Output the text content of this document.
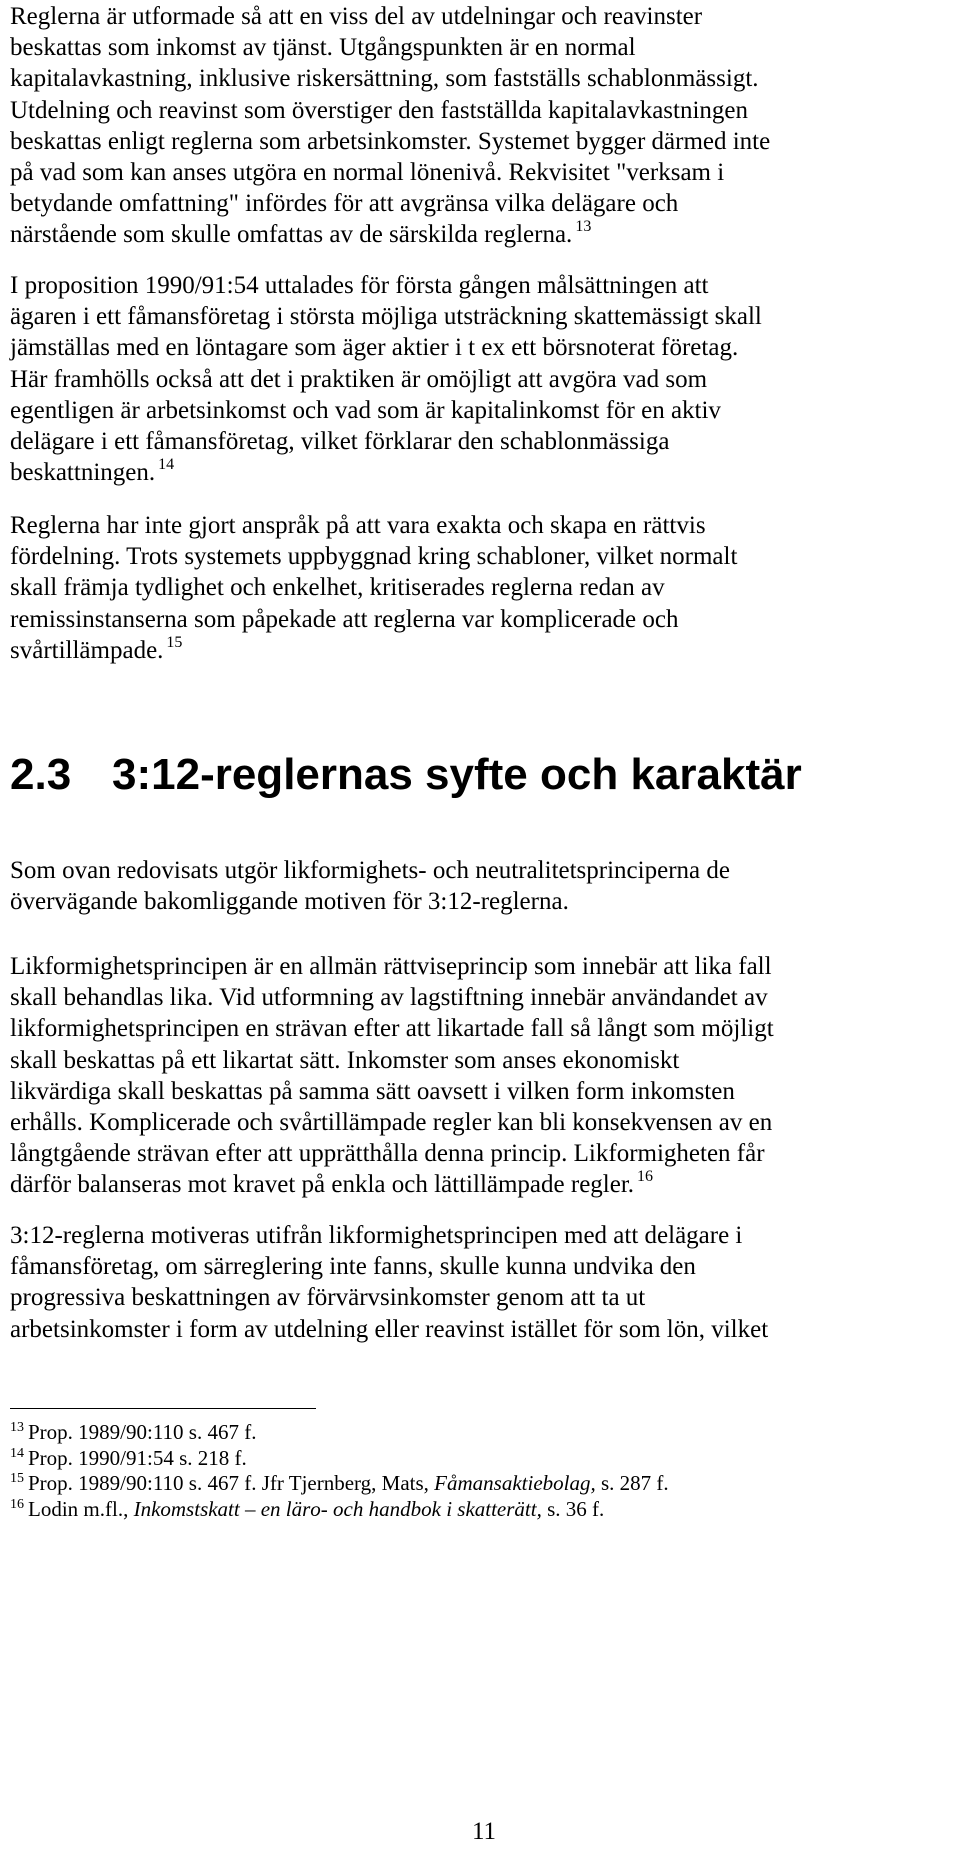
Reglerna är utformade så att en viss del av utdelningar och reavinster
beskattas som inkomst av tjänst. Utgångspunkten är en normal
kapitalavkastning, inklusive riskersättning, som fastställs schablonmässigt.
Utdelning och reavinst som överstiger den fastställda kapitalavkastningen
beskattas enligt reglerna som arbetsinkomster. Systemet bygger därmed inte
på vad som kan anses utgöra en normal lönenivå. Rekvisitet "verksam i
betydande omfattning" infördes för att avgränsa vilka delägare och
närstående som skulle omfattas av de särskilda reglerna. $^{13}$

I proposition 1990/91:54 uttalades för första gången målsättningen att
ägaren i ett fåmansföretag i största möjliga utsträckning skattemässigt skall
jämställas med en löntagare som äger aktier i t ex ett börsnoterat företag.
Här framhölls också att det i praktiken är omöjligt att avgöra vad som
egentligen är arbetsinkomst och vad som är kapitalinkomst för en aktiv
delägare i ett fåmansföretag, vilket förklarar den schablonmässiga
beskattningen. $^{14}$

Reglerna har inte gjort anspråk på att vara exakta och skapa en rättvis
fördelning. Trots systemets uppbyggnad kring schabloner, vilket normalt
skall främja tydlighet och enkelhet, kritiserades reglerna redan av
remissinstanserna som påpekade att reglerna var komplicerade och
svårtillämpade. $^{15}$

2.3 3:12-reglernas syfte och karaktär

Som ovan redovisats utgör likformighets- och neutralitetsprinciperna de
övervägande bakomliggande motiven för 3:12-reglerna.

Likformighetsprincipen är en allmän rättviseprincip som innebär att lika fall
skall behandlas lika. Vid utformning av lagstiftning innebär användandet av
likformighetsprincipen en strävan efter att likartade fall så långt som möjligt
skall beskattas på ett likartat sätt. Inkomster som anses ekonomiskt
likvärdiga skall beskattas på samma sätt oavsett i vilken form inkomsten
erhålls. Komplicerade och svårtillämpade regler kan bli konsekvensen av en
långtgående strävan efter att upprätthålla denna princip. Likformigheten får
därför balanseras mot kravet på enkla och lättillämpade regler. $^{16}$

3:12-reglerna motiveras utifrån likformighetsprincipen med att delägare i
fåmansföretag, om särreglering inte fanns, skulle kunna undvika den
progressiva beskattningen av förvärvsinkomster genom att ta ut
arbetsinkomster i form av utdelning eller reavinst istället för som lön, vilket

$^{13}$ Prop. 1989/90:110 s. 467 f.
$^{14}$ Prop. 1990/91:54 s. 218 f.
$^{15}$ Prop. 1989/90:110 s. 467 f. Jfr Tjernberg, Mats, Fåmansaktiebolag, s. 287 f.
$^{16}$ Lodin m.fl., Inkomstskatt – en lärо- och handbok i skatterätt, s. 36 f.
11
